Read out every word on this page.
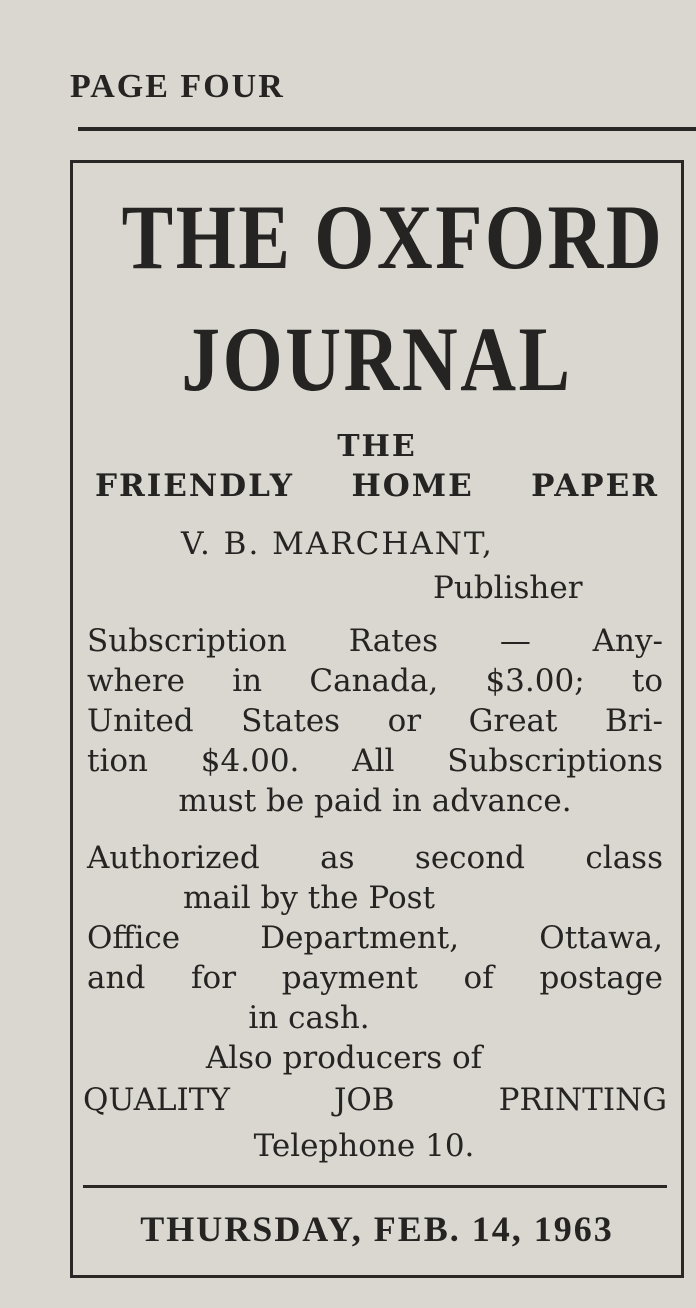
PAGE FOUR
THE OXFORD
JOURNAL
THE
FRIENDLY HOME PAPER
V. B. MARCHANT,
Publisher
Subscription Rates — Any-
where in Canada, $3.00; to
United States or Great Bri-
tion $4.00. All Subscriptions
must be paid in advance.
Authorized as second class
mail by the Post
Office Department, Ottawa,
and for payment of postage
in cash.
Also producers of
QUALITY JOB PRINTING
Telephone 10.
THURSDAY, FEB. 14, 1963
